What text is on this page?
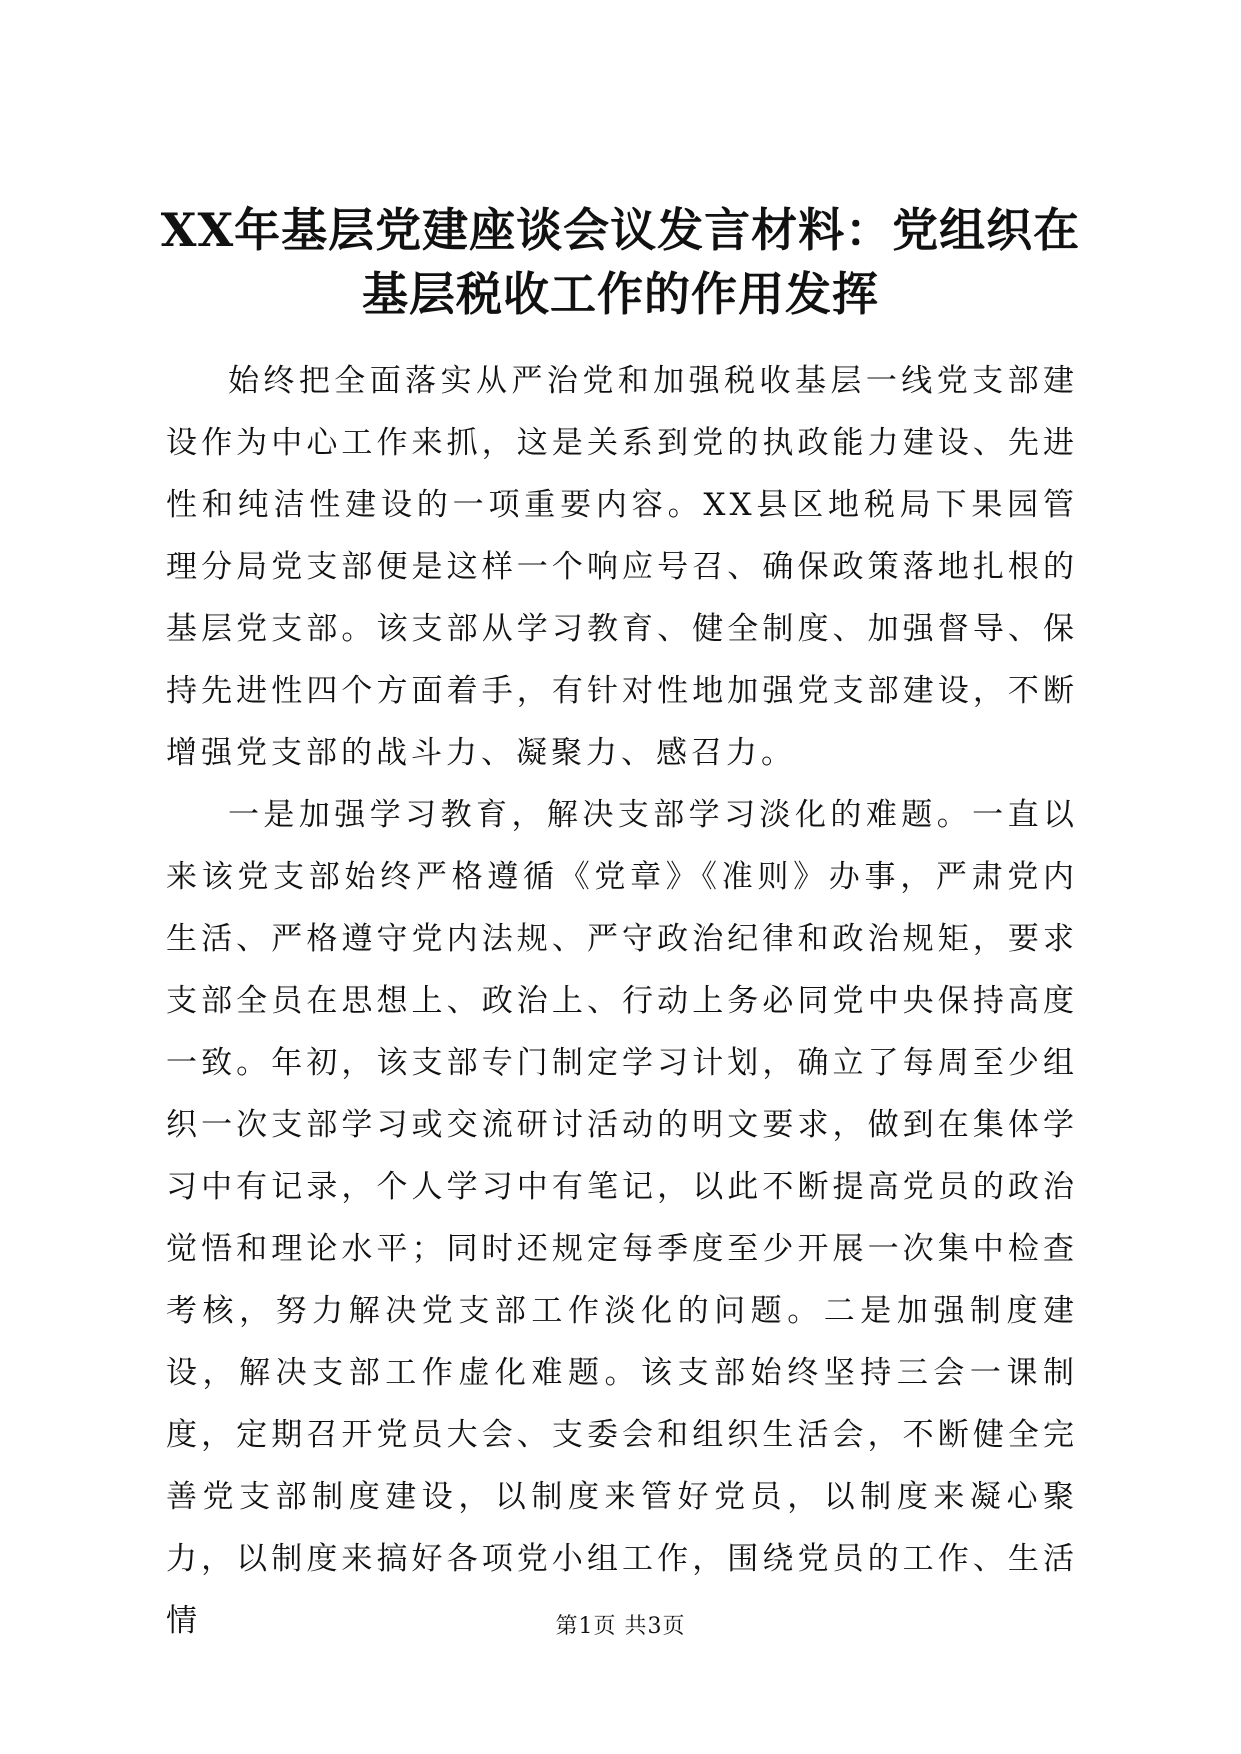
XX年基层党建座谈会议发言材料：党组织在
基层税收工作的作用发挥

始终把全面落实从严治党和加强税收基层一线党支部建设作为中心工作来抓，这是关系到党的执政能力建设、先进性和纯洁性建设的一项重要内容。XX县区地税局下果园管理分局党支部便是这样一个响应号召、确保政策落地扎根的基层党支部。该支部从学习教育、健全制度、加强督导、保持先进性四个方面着手，有针对性地加强党支部建设，不断增强党支部的战斗力、凝聚力、感召力。

一是加强学习教育，解决支部学习淡化的难题。一直以来该党支部始终严格遵循《党章》《准则》办事，严肃党内生活、严格遵守党内法规、严守政治纪律和政治规矩，要求支部全员在思想上、政治上、行动上务必同党中央保持高度一致。年初，该支部专门制定学习计划，确立了每周至少组织一次支部学习或交流研讨活动的明文要求，做到在集体学习中有记录，个人学习中有笔记，以此不断提高党员的政治觉悟和理论水平；同时还规定每季度至少开展一次集中检查考核，努力解决党支部工作淡化的问题。二是加强制度建设，解决支部工作虚化难题。该支部始终坚持三会一课制度，定期召开党员大会、支委会和组织生活会，不断健全完善党支部制度建设，以制度来管好党员，以制度来凝心聚力，以制度来搞好各项党小组工作，围绕党员的工作、生活情	第1页 共3页
